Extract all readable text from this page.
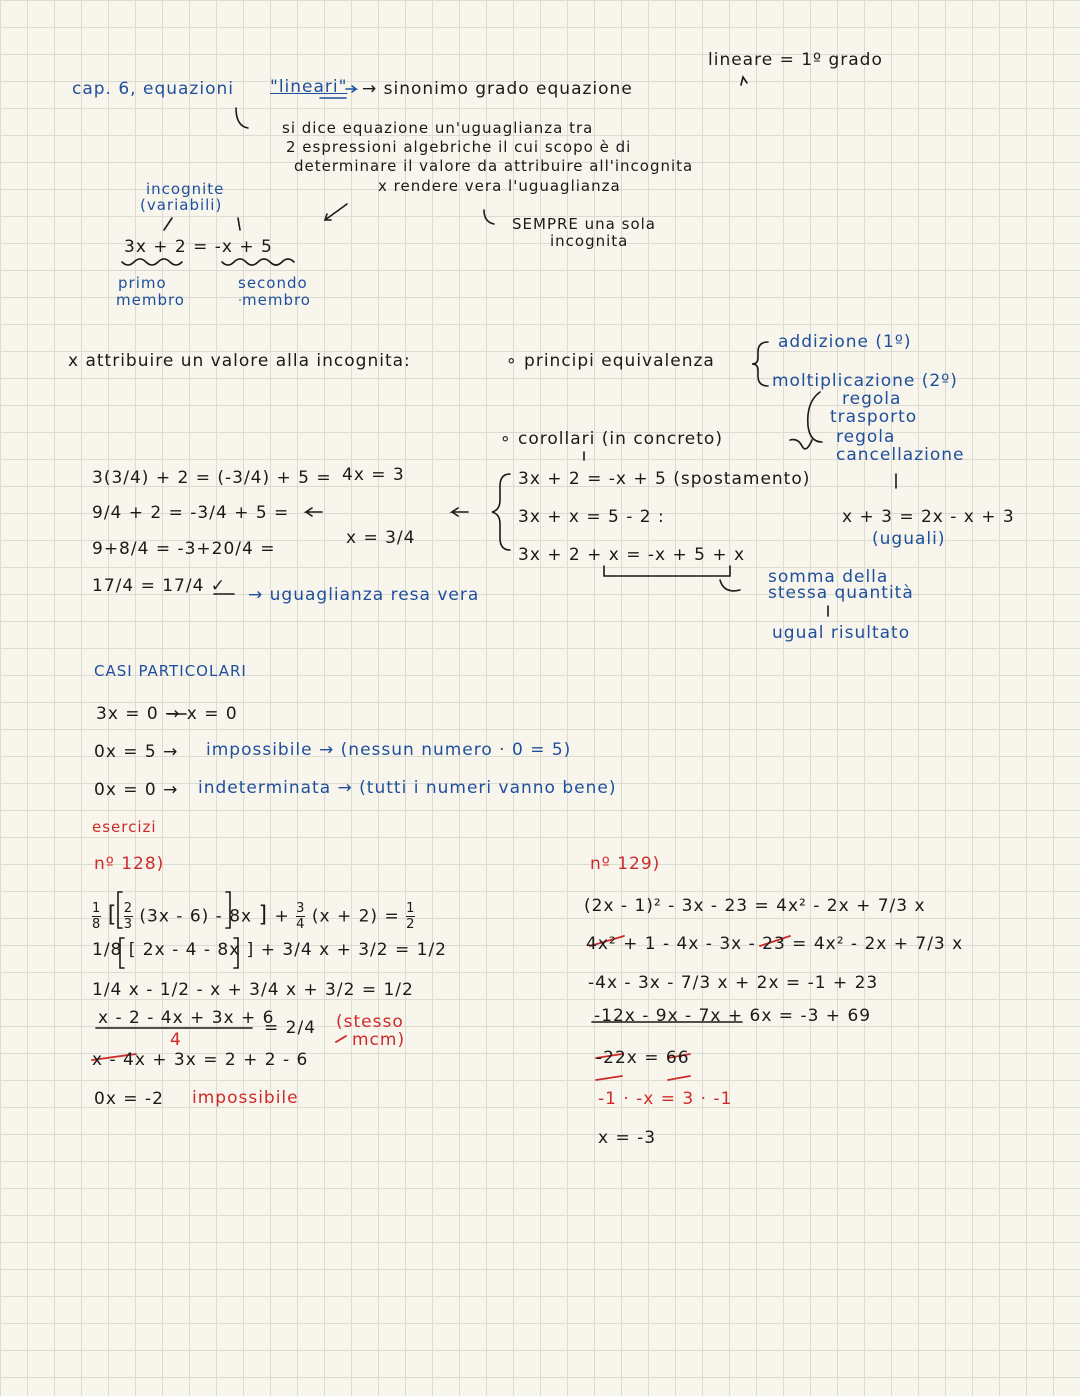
lineare = 1º grado
cap. 6, equazioni "lineari" → sinonimo grado equazione
si dice equazione un'uguaglianza tra
2 espressioni algebriche il cui scopo è di
determinare il valore da attribuire all'incognita
x rendere vera l'uguaglianza
SEMPRE una sola
incognita
incognite
(variabili)
3x + 2 = -x + 5
primo
membro
secondo
membro
x attribuire un valore alla incognita:	∘ principi equivalenza
addizione (1º)
moltiplicazione (2º)
regola
trasporto
regola
cancellazione
∘ corollari (in concreto)
3(3/4) + 2 = (-3/4) + 5 =
9/4 + 2 = -3/4 + 5 =
9+8/4 = -3+20/4 =
17/4 = 17/4 ✓ → uguaglianza resa vera
4x = 3
x = 3/4
3x + 2 = -x + 5 (spostamento)
3x + x = 5 - 2 :
3x + 2 + x = -x + 5 + x
x + 3 = 2x - x + 3
(uguali)
somma della
stessa quantità
ugual risultato
CASI PARTICOLARI
3x = 0 → x = 0
0x = 5 → impossibile → (nessun numero · 0 = 5)
0x = 0 → indeterminata → (tutti i numeri vanno bene)
esercizi
nº 128)	nº 129)
$\frac{1}{8}$ [ $\frac{2}{3} (3x - 6) - 8x$ ] + $\frac{3}{4} (x + 2) = \frac{1}{2}$
1/8 [ 2x - 4 - 8x ] + 3/4 x + 3/2 = 1/2
1/4 x - 1/2 - x + 3/4 x + 3/2 = 1/2
x - 2 - 4x + 3x + 6
4
= 2/4 (stesso
mcm)
x - 4x + 3x = 2 + 2 - 6
0x = -2 impossibile
(2x - 1)² - 3x - 23 = 4x² - 2x + 7/3 x
4x² + 1 - 4x - 3x - 23 = 4x² - 2x + 7/3 x
-4x - 3x - 7/3 x + 2x = -1 + 23
-12x - 9x - 7x + 6x = -3 + 69
-22x = 66
-1 · -x = 3 · -1
x = -3
